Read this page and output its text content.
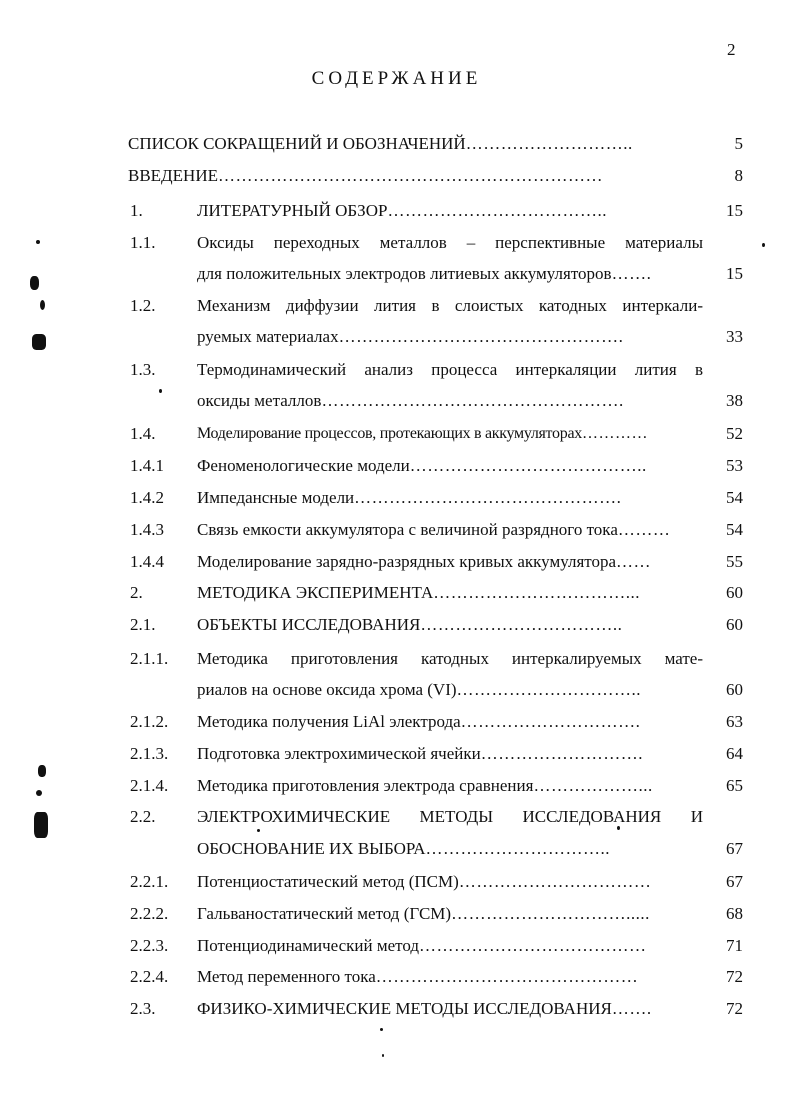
2
СОДЕРЖАНИЕ
СПИСОК СОКРАЩЕНИЙ И ОБОЗНАЧЕНИЙ………………………..	5
ВВЕДЕНИЕ…………………………………………………………	8
1.	ЛИТЕРАТУРНЫЙ ОБЗОР………………………………..	15
1.1. Оксиды переходных металлов – перспективные материалы
для положительных электродов литиевых аккумуляторов…….	15
1.2. Механизм диффузии лития в слоистых катодных интеркали-
руемых материалах………………………………………….	33
1.3. Термодинамический анализ процесса интеркаляции лития в
оксиды металлов…………………………………………….	38
1.4.	Моделирование процессов, протекающих в аккумуляторах…………	52
1.4.1 Феноменологические модели…………………………………..	53
1.4.2 Импедансные модели……………………………………….	54
1.4.3 Связь емкости аккумулятора с величиной разрядного тока………	54
1.4.4 Моделирование зарядно-разрядных кривых аккумулятора……	55
2.	МЕТОДИКА ЭКСПЕРИМЕНТА……………………………...	60
2.1. ОБЪЕКТЫ ИССЛЕДОВАНИЯ……………………………..	60
2.1.1. Методика приготовления катодных интеркалируемых мате-
риалов на основе оксида хрома (VI)…………………………..	60
2.1.2. Методика получения LiAl электрода………………………….	63
2.1.3. Подготовка электрохимической ячейки……………………….	64
2.1.4. Методика приготовления электрода сравнения………………...	65
2.2. ЭЛЕКТРОХИМИЧЕСКИЕ МЕТОДЫ ИССЛЕДОВАНИЯ И
ОБОСНОВАНИЕ ИХ ВЫБОРА…………………………..	67
2.2.1. Потенциостатический метод (ПСМ)……………………………	67
2.2.2. Гальваностатический метод (ГСМ)………………………….....	68
2.2.3. Потенциодинамический метод…………………………………	71
2.2.4. Метод переменного тока………………………………………	72
2.3. ФИЗИКО-ХИМИЧЕСКИЕ МЕТОДЫ ИССЛЕДОВАНИЯ…….	72
